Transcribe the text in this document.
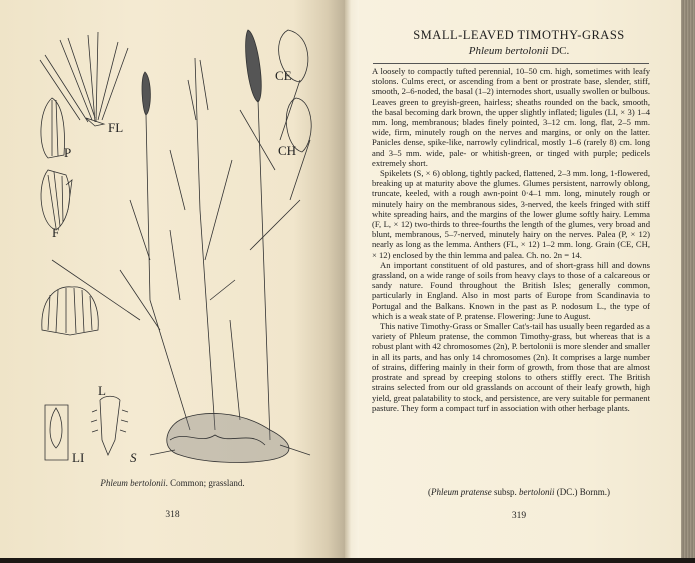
FL
P
F
CE
CH
L
LI	S
Phleum bertolonii. Common; grassland.
318
SMALL-LEAVED TIMOTHY-GRASS
Phleum bertolonii DC.

A loosely to compactly tufted perennial, 10–50 cm. high, sometimes with leafy stolons. Culms erect, or ascending from a bent or prostrate base, slender, stiff, smooth, 2–6-noded, the basal (1–2) internodes short, usually swollen or bulbous. Leaves green to greyish-green, hairless; sheaths rounded on the back, smooth, the basal becoming dark brown, the upper slightly inflated; ligules (LI, × 3) 1–4 mm. long, membranous; blades finely pointed, 3–12 cm. long, flat, 2–5 mm. wide, firm, minutely rough on the nerves and margins, or only on the latter. Panicles dense, spike-like, narrowly cylindrical, mostly 1–6 (rarely 8) cm. long and 3–5 mm. wide, pale- or whitish-green, or tinged with purple; pedicels extremely short.

Spikelets (S, × 6) oblong, tightly packed, flattened, 2–3 mm. long, 1-flowered, breaking up at maturity above the glumes. Glumes persistent, narrowly oblong, truncate, keeled, with a rough awn-point 0·4–1 mm. long, minutely rough or minutely hairy on the membranous sides, 3-nerved, the keels fringed with stiff white spreading hairs, and the margins of the lower glume softly hairy. Lemma (F, L, × 12) two-thirds to three-fourths the length of the glumes, very broad and blunt, membranous, 5–7-nerved, minutely hairy on the nerves. Palea (P, × 12) nearly as long as the lemma. Anthers (FL, × 12) 1–2 mm. long. Grain (CE, CH, × 12) enclosed by the thin lemma and palea. Ch. no. 2n = 14.

An important constituent of old pastures, and of short-grass hill and downs grassland, on a wide range of soils from heavy clays to those of a calcareous or sandy nature. Found throughout the British Isles; generally common, particularly in England. Also in most parts of Europe from Scandinavia to Portugal and the Balkans. Known in the past as P. nodosum L., the type of which is a weak state of P. pratense. Flowering: June to August.

This native Timothy-Grass or Smaller Cat's-tail has usually been regarded as a variety of Phleum pratense, the common Timothy-grass, but whereas that is a robust plant with 42 chromosomes (2n), P. bertolonii is more slender and smaller in all its parts, and has only 14 chromosomes (2n). It comprises a large number of strains, differing mainly in their form of growth, from those that are almost prostrate and spread by creeping stolons to others stiffly erect. The British strains selected from our old grasslands on account of their leafy growth, high yield, great palatability to stock, and persistence, are very suitable for permanent pasture. They form a compact turf in association with other herbage plants.

(Phleum pratense subsp. bertolonii (DC.) Bornm.)
319
